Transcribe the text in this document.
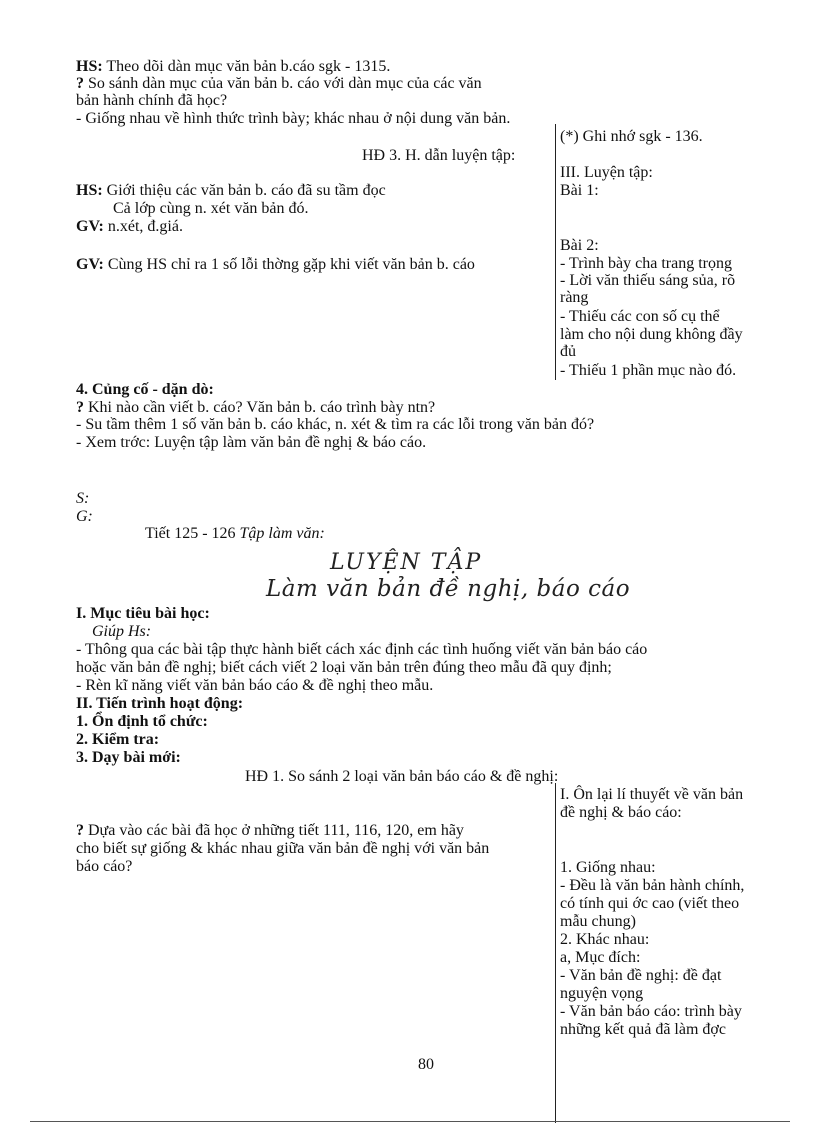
HS: Theo dõi dàn mục văn bản b.cáo sgk - 1315.
? So sánh dàn mục của văn bản b. cáo với dàn mục của các văn
bản hành chính đã học?
- Giống nhau về hình thức trình bày; khác nhau ở nội dung văn bản.
(*) Ghi nhớ sgk - 136.
HĐ 3. H. dẫn luyện tập:
III. Luyện tập:
Bài 1:
HS: Giới thiệu các văn bản b. cáo đã su tầm đọc
Cả lớp cùng n. xét văn bản đó.
GV: n.xét, đ.giá.
Bài 2:
GV: Cùng HS chỉ ra 1 số lỗi thờng gặp khi viết văn bản b. cáo	- Trình bày cha trang trọng
- Lời văn thiếu sáng sủa, rõ
ràng
- Thiếu các con số cụ thể
làm cho nội dung không đầy
đủ
- Thiếu 1 phần mục nào đó.
4. Củng cố - dặn dò:
? Khi nào cần viết b. cáo? Văn bản b. cáo trình bày ntn?
- Su tầm thêm 1 số văn bản b. cáo khác, n. xét & tìm ra các lỗi trong văn bản đó?
- Xem trớc: Luyện tập làm văn bản đề nghị & báo cáo.
S:
G:
Tiết 125 - 126 Tập làm văn:
LUYỆN TẬP
Làm văn bản đề nghị, báo cáo
I. Mục tiêu bài học:
Giúp Hs:
- Thông qua các bài tập thực hành biết cách xác định các tình huống viết văn bản báo cáo
hoặc văn bản đề nghị; biết cách viết 2 loại văn bản trên đúng theo mẫu đã quy định;
- Rèn kĩ năng viết văn bản báo cáo & đề nghị theo mẫu.
II. Tiến trình hoạt động:
1. Ổn định tổ chức:
2. Kiểm tra:
3. Dạy bài mới:
HĐ 1. So sánh 2 loại văn bản báo cáo & đề nghị:
? Dựa vào các bài đã học ở những tiết 111, 116, 120, em hãy
cho biết sự giống & khác nhau giữa văn bản đề nghị với văn bản
báo cáo?
I. Ôn lại lí thuyết về văn bản
đề nghị & báo cáo:
1. Giống nhau:
- Đều là văn bản hành chính,
có tính qui ớc cao (viết theo
mẫu chung)
2. Khác nhau:
a, Mục đích:
- Văn bản đề nghị: đề đạt
nguyện vọng
- Văn bản báo cáo: trình bày
những kết quả đã làm đợc
80
